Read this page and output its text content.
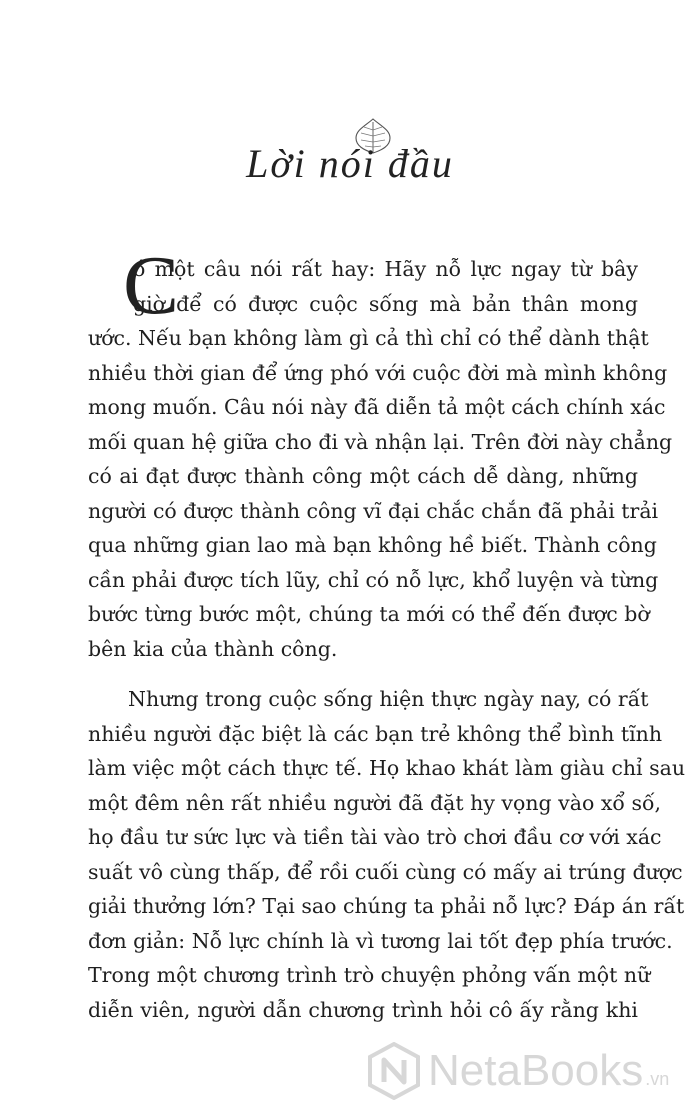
Lời nói đầu
C
ó một câu nói rất hay: Hãy nỗ lực ngay từ bây
giờ để có được cuộc sống mà bản thân mong
ước. Nếu bạn không làm gì cả thì chỉ có thể dành thật
nhiều thời gian để ứng phó với cuộc đời mà mình không
mong muốn. Câu nói này đã diễn tả một cách chính xác
mối quan hệ giữa cho đi và nhận lại. Trên đời này chẳng
có ai đạt được thành công một cách dễ dàng, những
người có được thành công vĩ đại chắc chắn đã phải trải
qua những gian lao mà bạn không hề biết. Thành công
cần phải được tích lũy, chỉ có nỗ lực, khổ luyện và từng
bước từng bước một, chúng ta mới có thể đến được bờ
bên kia của thành công.
Nhưng trong cuộc sống hiện thực ngày nay, có rất
nhiều người đặc biệt là các bạn trẻ không thể bình tĩnh
làm việc một cách thực tế. Họ khao khát làm giàu chỉ sau
một đêm nên rất nhiều người đã đặt hy vọng vào xổ số,
họ đầu tư sức lực và tiền tài vào trò chơi đầu cơ với xác
suất vô cùng thấp, để rồi cuối cùng có mấy ai trúng được
giải thưởng lớn? Tại sao chúng ta phải nỗ lực? Đáp án rất
đơn giản: Nỗ lực chính là vì tương lai tốt đẹp phía trước.
Trong một chương trình trò chuyện phỏng vấn một nữ
diễn viên, người dẫn chương trình hỏi cô ấy rằng khi
NetaBooks .vn
